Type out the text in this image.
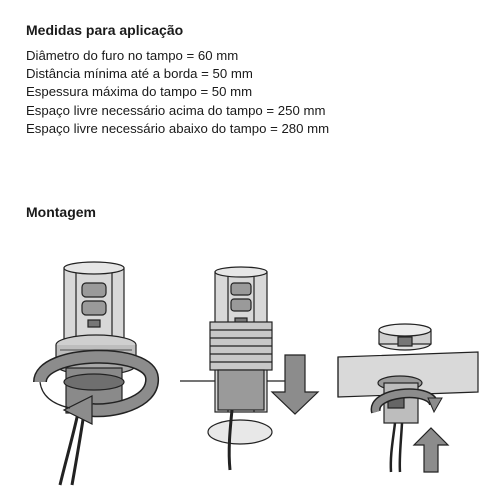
Medidas para aplicação
Diâmetro do furo no tampo = 60 mm
Distância mínima até a borda = 50 mm
Espessura máxima do tampo = 50 mm
Espaço livre necessário acima do tampo = 250 mm
Espaço livre necessário abaixo do tampo = 280 mm
Montagem
